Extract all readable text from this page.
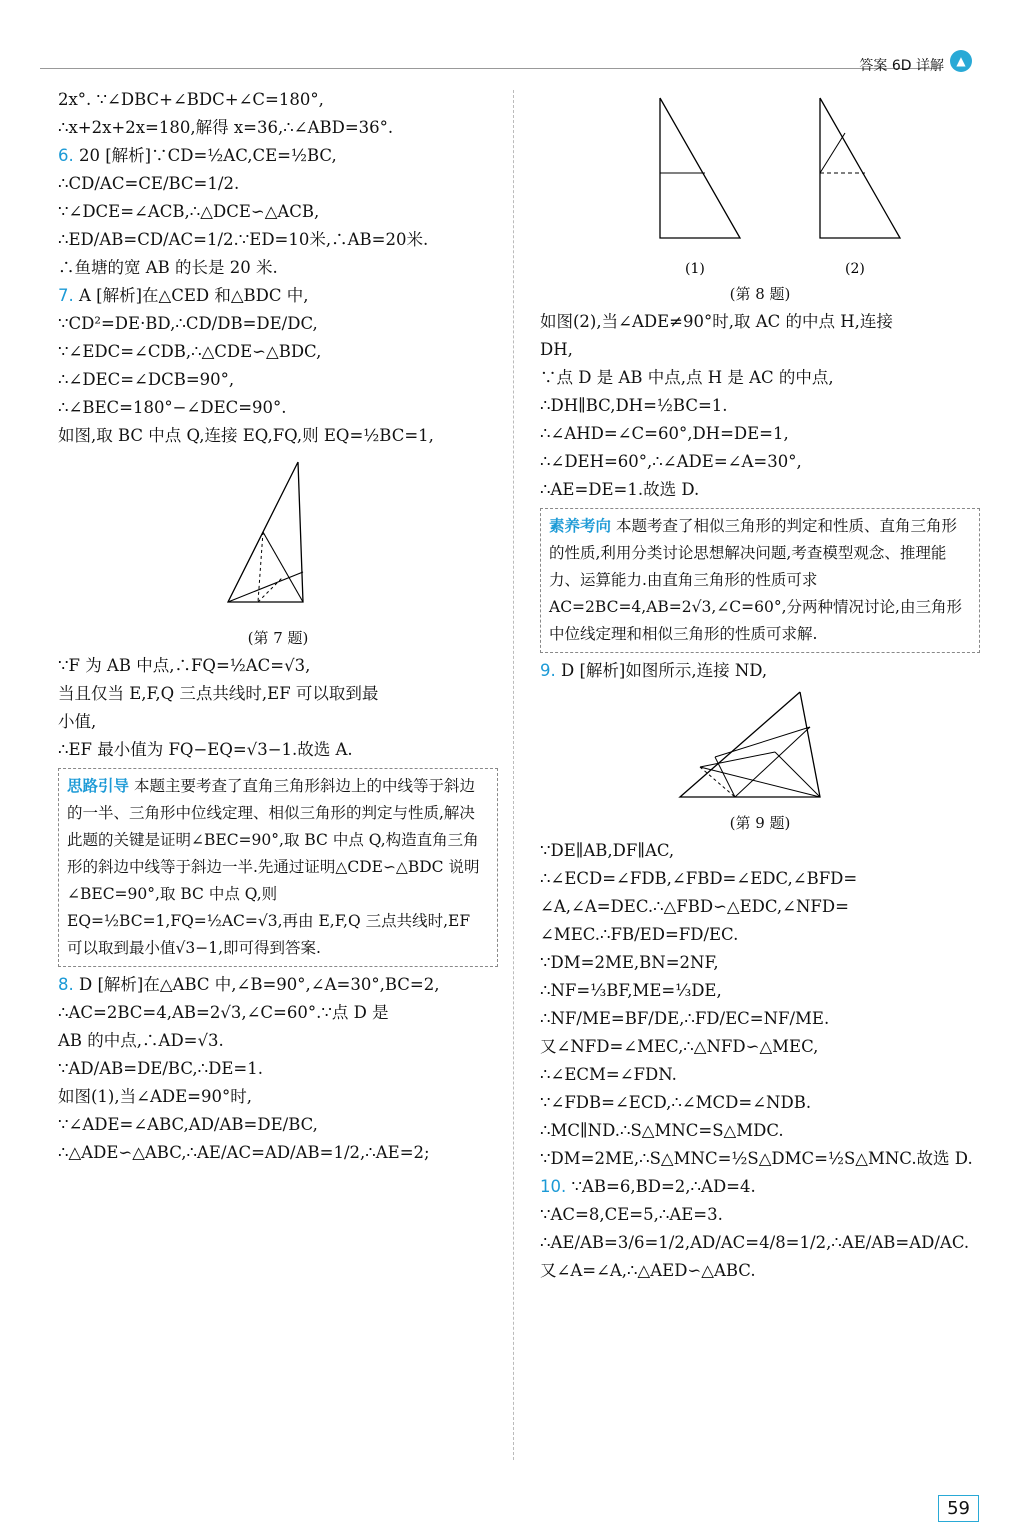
答案 6D 详解	▲

2x°. ∵∠DBC+∠BDC+∠C=180°,

∴x+2x+2x=180,解得 x=36,∴∠ABD=36°.

6. 20 [解析]∵CD=½AC,CE=½BC,

∴CD/AC=CE/BC=1/2.

∵∠DCE=∠ACB,∴△DCE∽△ACB,

∴ED/AB=CD/AC=1/2.∵ED=10米,∴AB=20米.

∴鱼塘的宽 AB 的长是 20 米.

7. A [解析]在△CED 和△BDC 中,

∵CD²=DE·BD,∴CD/DB=DE/DC,

∵∠EDC=∠CDB,∴△CDE∽△BDC,

∴∠DEC=∠DCB=90°,

∴∠BEC=180°−∠DEC=90°.

如图,取 BC 中点 Q,连接 EQ,FQ,则 EQ=½BC=1,

(第 7 题)

∵F 为 AB 中点,∴FQ=½AC=√3,

当且仅当 E,F,Q 三点共线时,EF 可以取到最

小值,

∴EF 最小值为 FQ−EQ=√3−1.故选 A.

思路引导 本题主要考查了直角三角形斜边上的中线等于斜边的一半、三角形中位线定理、相似三角形的判定与性质,解决此题的关键是证明∠BEC=90°,取 BC 中点 Q,构造直角三角形的斜边中线等于斜边一半.先通过证明△CDE∽△BDC 说明∠BEC=90°,取 BC 中点 Q,则 EQ=½BC=1,FQ=½AC=√3,再由 E,F,Q 三点共线时,EF 可以取到最小值√3−1,即可得到答案.

8. D [解析]在△ABC 中,∠B=90°,∠A=30°,BC=2,

∴AC=2BC=4,AB=2√3,∠C=60°.∵点 D 是

AB 的中点,∴AD=√3.

∵AD/AB=DE/BC,∴DE=1.

如图(1),当∠ADE=90°时,

∵∠ADE=∠ABC,AD/AB=DE/BC,

∴△ADE∽△ABC,∴AE/AC=AD/AB=1/2,∴AE=2;

(1)	(2)

(第 8 题)

如图(2),当∠ADE≠90°时,取 AC 的中点 H,连接

DH,

∵点 D 是 AB 中点,点 H 是 AC 的中点,

∴DH∥BC,DH=½BC=1.

∴∠AHD=∠C=60°,DH=DE=1,

∴∠DEH=60°,∴∠ADE=∠A=30°,

∴AE=DE=1.故选 D.

素养考向 本题考查了相似三角形的判定和性质、直角三角形的性质,利用分类讨论思想解决问题,考查模型观念、推理能力、运算能力.由直角三角形的性质可求 AC=2BC=4,AB=2√3,∠C=60°,分两种情况讨论,由三角形中位线定理和相似三角形的性质可求解.

9. D [解析]如图所示,连接 ND,

(第 9 题)

∵DE∥AB,DF∥AC,

∴∠ECD=∠FDB,∠FBD=∠EDC,∠BFD=

∠A,∠A=DEC.∴△FBD∽△EDC,∠NFD=

∠MEC.∴FB/ED=FD/EC.

∵DM=2ME,BN=2NF,

∴NF=⅓BF,ME=⅓DE,

∴NF/ME=BF/DE,∴FD/EC=NF/ME.

又∠NFD=∠MEC,∴△NFD∽△MEC,

∴∠ECM=∠FDN.

∵∠FDB=∠ECD,∴∠MCD=∠NDB.

∴MC∥ND.∴S△MNC=S△MDC.

∵DM=2ME,∴S△MNC=½S△DMC=½S△MNC.故选 D.

10. ∵AB=6,BD=2,∴AD=4.

∵AC=8,CE=5,∴AE=3.

∴AE/AB=3/6=1/2,AD/AC=4/8=1/2,∴AE/AB=AD/AC.

又∠A=∠A,∴△AED∽△ABC.

59
